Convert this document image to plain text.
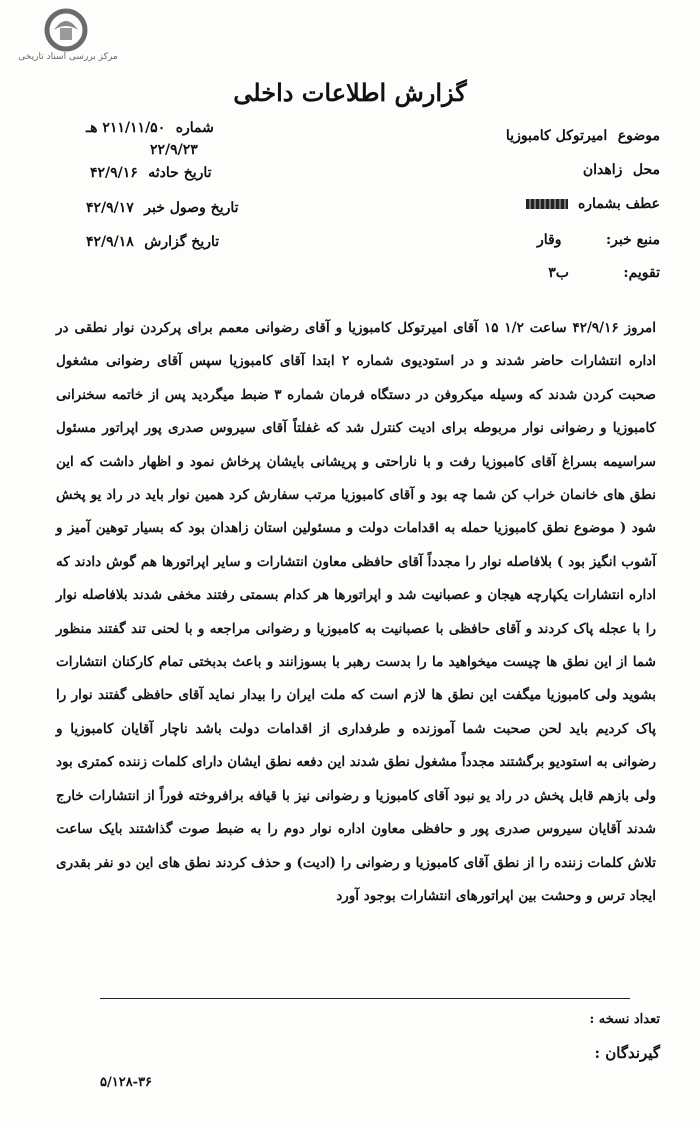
مرکز بررسی اسناد تاریخی
گزارش اطلاعات داخلی
شماره ۲۱۱/۱۱/۵۰ هـ
۲۲/۹/۲۳
تاریخ حادثه ۴۲/۹/۱۶
تاریخ وصول خبر ۴۲/۹/۱۷
تاریخ گزارش ۴۲/۹/۱۸
موضوع امیرتوکل کامبوزیا
محل زاهدان
عطف بشماره
منبع خبر: وقار
تقویم: ب۳
امروز ۴۲/۹/۱۶ ساعت ۱/۲ ۱۵ آقای امیرتوکل کامبوزیا و آقای رضوانی معمم برای پرکردن نوار نطقی در اداره انتشارات حاضر شدند و در استودیوی شماره ۲ ابتدا آقای کامبوزیا سپس آقای رضوانی مشغول صحبت کردن شدند که وسیله میکروفن در دستگاه فرمان شماره ۳ ضبط میگردید پس از خاتمه سخنرانی کامبوزیا و رضوانی نوار مربوطه برای ادیت کنترل شد که غفلتاً آقای سیروس صدری پور اپراتور مسئول سراسیمه بسراغ آقای کامبوزیا رفت و با ناراحتی و پریشانی بایشان پرخاش نمود و اظهار داشت که این نطق های خانمان خراب کن شما چه بود و آقای کامبوزیا مرتب سفارش کرد همین نوار باید در راد یو پخش شود ( موضوع نطق کامبوزیا حمله به اقدامات دولت و مسئولین استان زاهدان بود که بسیار توهین آمیز و آشوب انگیز بود ) بلافاصله نوار را مجدداً آقای حافظی معاون انتشارات و سایر اپراتورها هم گوش دادند که اداره انتشارات یکپارچه هیجان و عصبانیت شد و اپراتورها هر کدام بسمتی رفتند مخفی شدند بلافاصله نوار را با عجله پاک کردند و آقای حافظی با عصبانیت به کامبوزیا و رضوانی مراجعه و با لحنی تند گفتند منظور شما از این نطق ها چیست میخواهید ما را بدست رهبر با بسوزانند و باعث بدبختی تمام کارکنان انتشارات بشوید ولی کامبوزیا میگفت این نطق ها لازم است که ملت ایران را بیدار نماید آقای حافظی گفتند نوار را پاک کردیم باید لحن صحبت شما آموزنده و طرفداری از اقدامات دولت باشد ناچار آقایان کامبوزیا و رضوانی به استودیو برگشتند مجدداً مشغول نطق شدند این دفعه نطق ایشان دارای کلمات زننده کمتری بود ولی بازهم قابل پخش در راد یو نبود آقای کامبوزیا و رضوانی نیز با قیافه برافروخته فوراً از انتشارات خارج شدند آقایان سیروس صدری پور و حافظی معاون اداره نوار دوم را به ضبط صوت گذاشتند بایک ساعت تلاش کلمات زننده را از نطق آقای کامبوزیا و رضوانی را (ادیت) و حذف کردند نطق های این دو نفر بقدری ایجاد ترس و وحشت بین اپراتورهای انتشارات بوجود آورد
تعداد نسخه :
گیرندگان :
۵/۱۲۸-۳۶
